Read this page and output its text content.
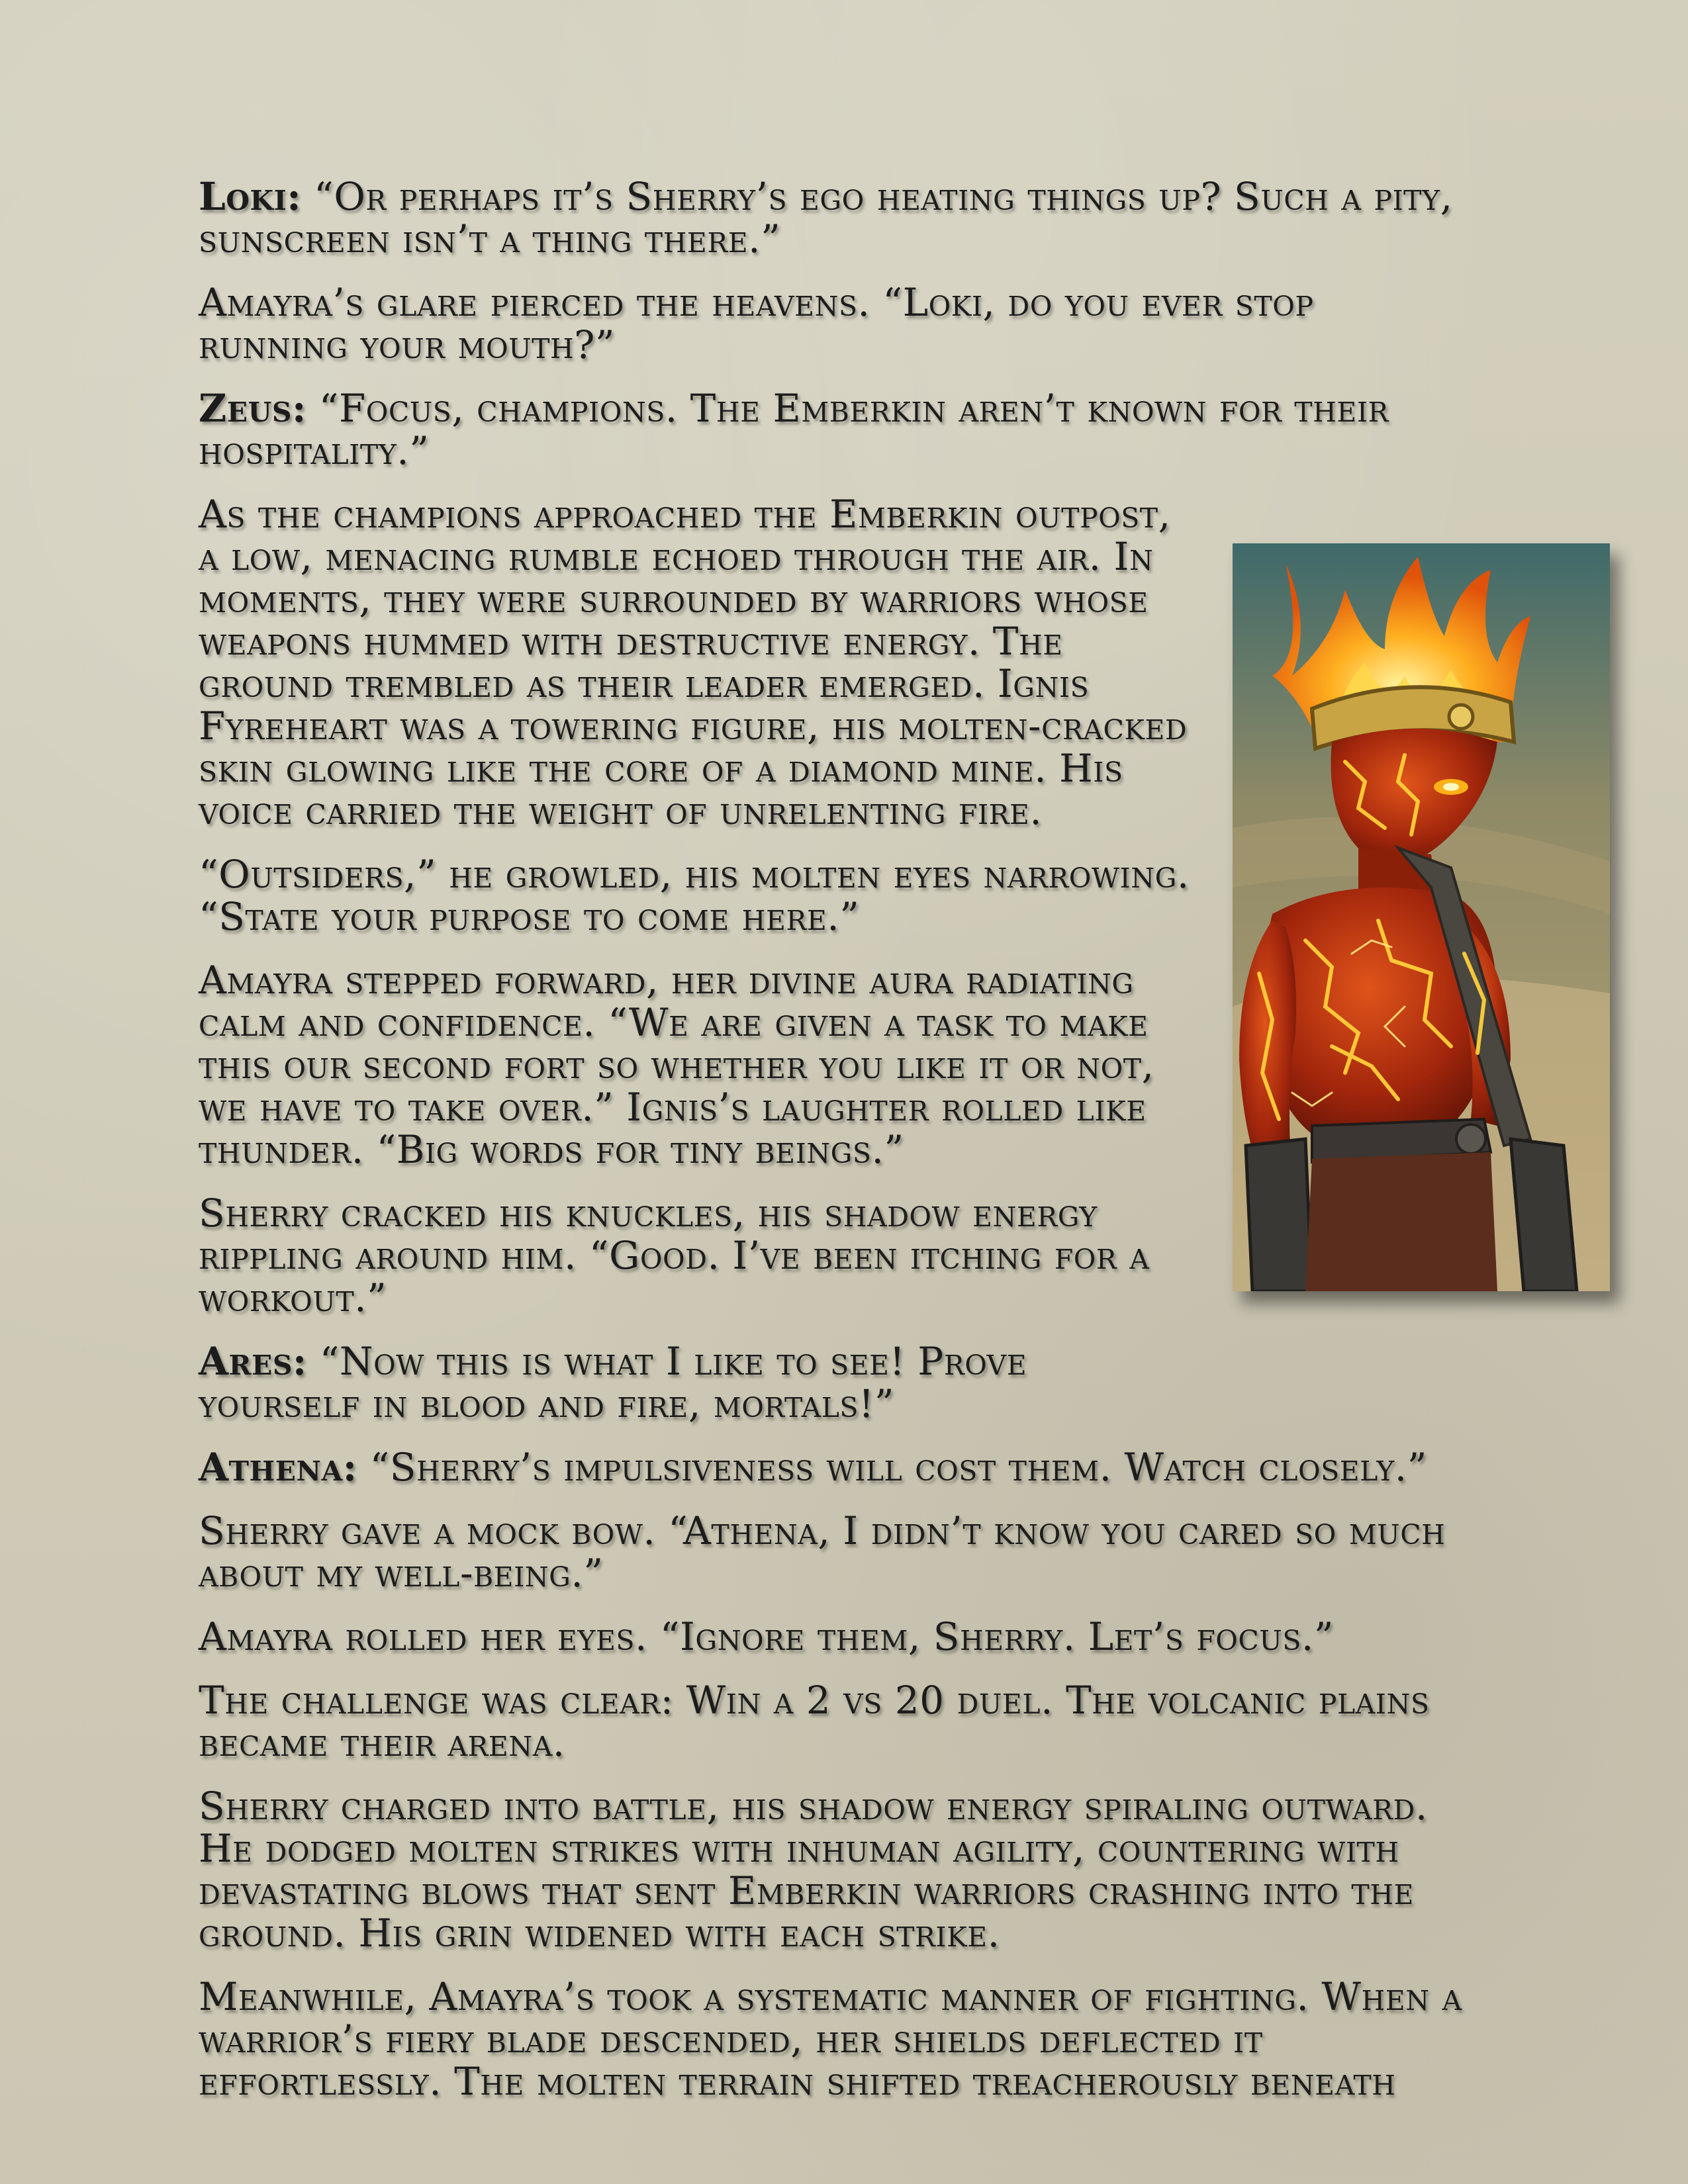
Loki: “Or perhaps it’s Sherry’s ego heating things up? Such a pity, sunscreen isn’t a thing there.”

Amayra’s glare pierced the heavens. “Loki, do you ever stop running your mouth?”

Zeus: “Focus, champions. The Emberkin aren’t known for their hospitality.”

As the champions approached the Emberkin outpost, a low, menacing rumble echoed through the air. In moments, they were surrounded by warriors whose weapons hummed with destructive energy. The ground trembled as their leader emerged. Ignis Fyreheart was a towering figure, his molten-cracked skin glowing like the core of a diamond mine. His voice carried the weight of unrelenting fire.

“Outsiders,” he growled, his molten eyes narrowing. “State your purpose to come here.”

Amayra stepped forward, her divine aura radiating calm and confidence. “We are given a task to make this our second fort so whether you like it or not, we have to take over.” Ignis’s laughter rolled like thunder. “Big words for tiny beings.”

Sherry cracked his knuckles, his shadow energy rippling around him. “Good. I’ve been itching for a workout.”

Ares: “Now this is what I like to see! Prove yourself in blood and fire, mortals!”

Athena: “Sherry’s impulsiveness will cost them. Watch closely.”

Sherry gave a mock bow. “Athena, I didn’t know you cared so much about my well-being.”

Amayra rolled her eyes. “Ignore them, Sherry. Let’s focus.”

The challenge was clear: Win a 2 vs 20 duel. The volcanic plains became their arena.

Sherry charged into battle, his shadow energy spiraling outward. He dodged molten strikes with inhuman agility, countering with devastating blows that sent Emberkin warriors crashing into the ground. His grin widened with each strike.

Meanwhile, Amayra’s took a systematic manner of fighting. When a warrior’s fiery blade descended, her shields deflected it effortlessly. The molten terrain shifted treacherously beneath
